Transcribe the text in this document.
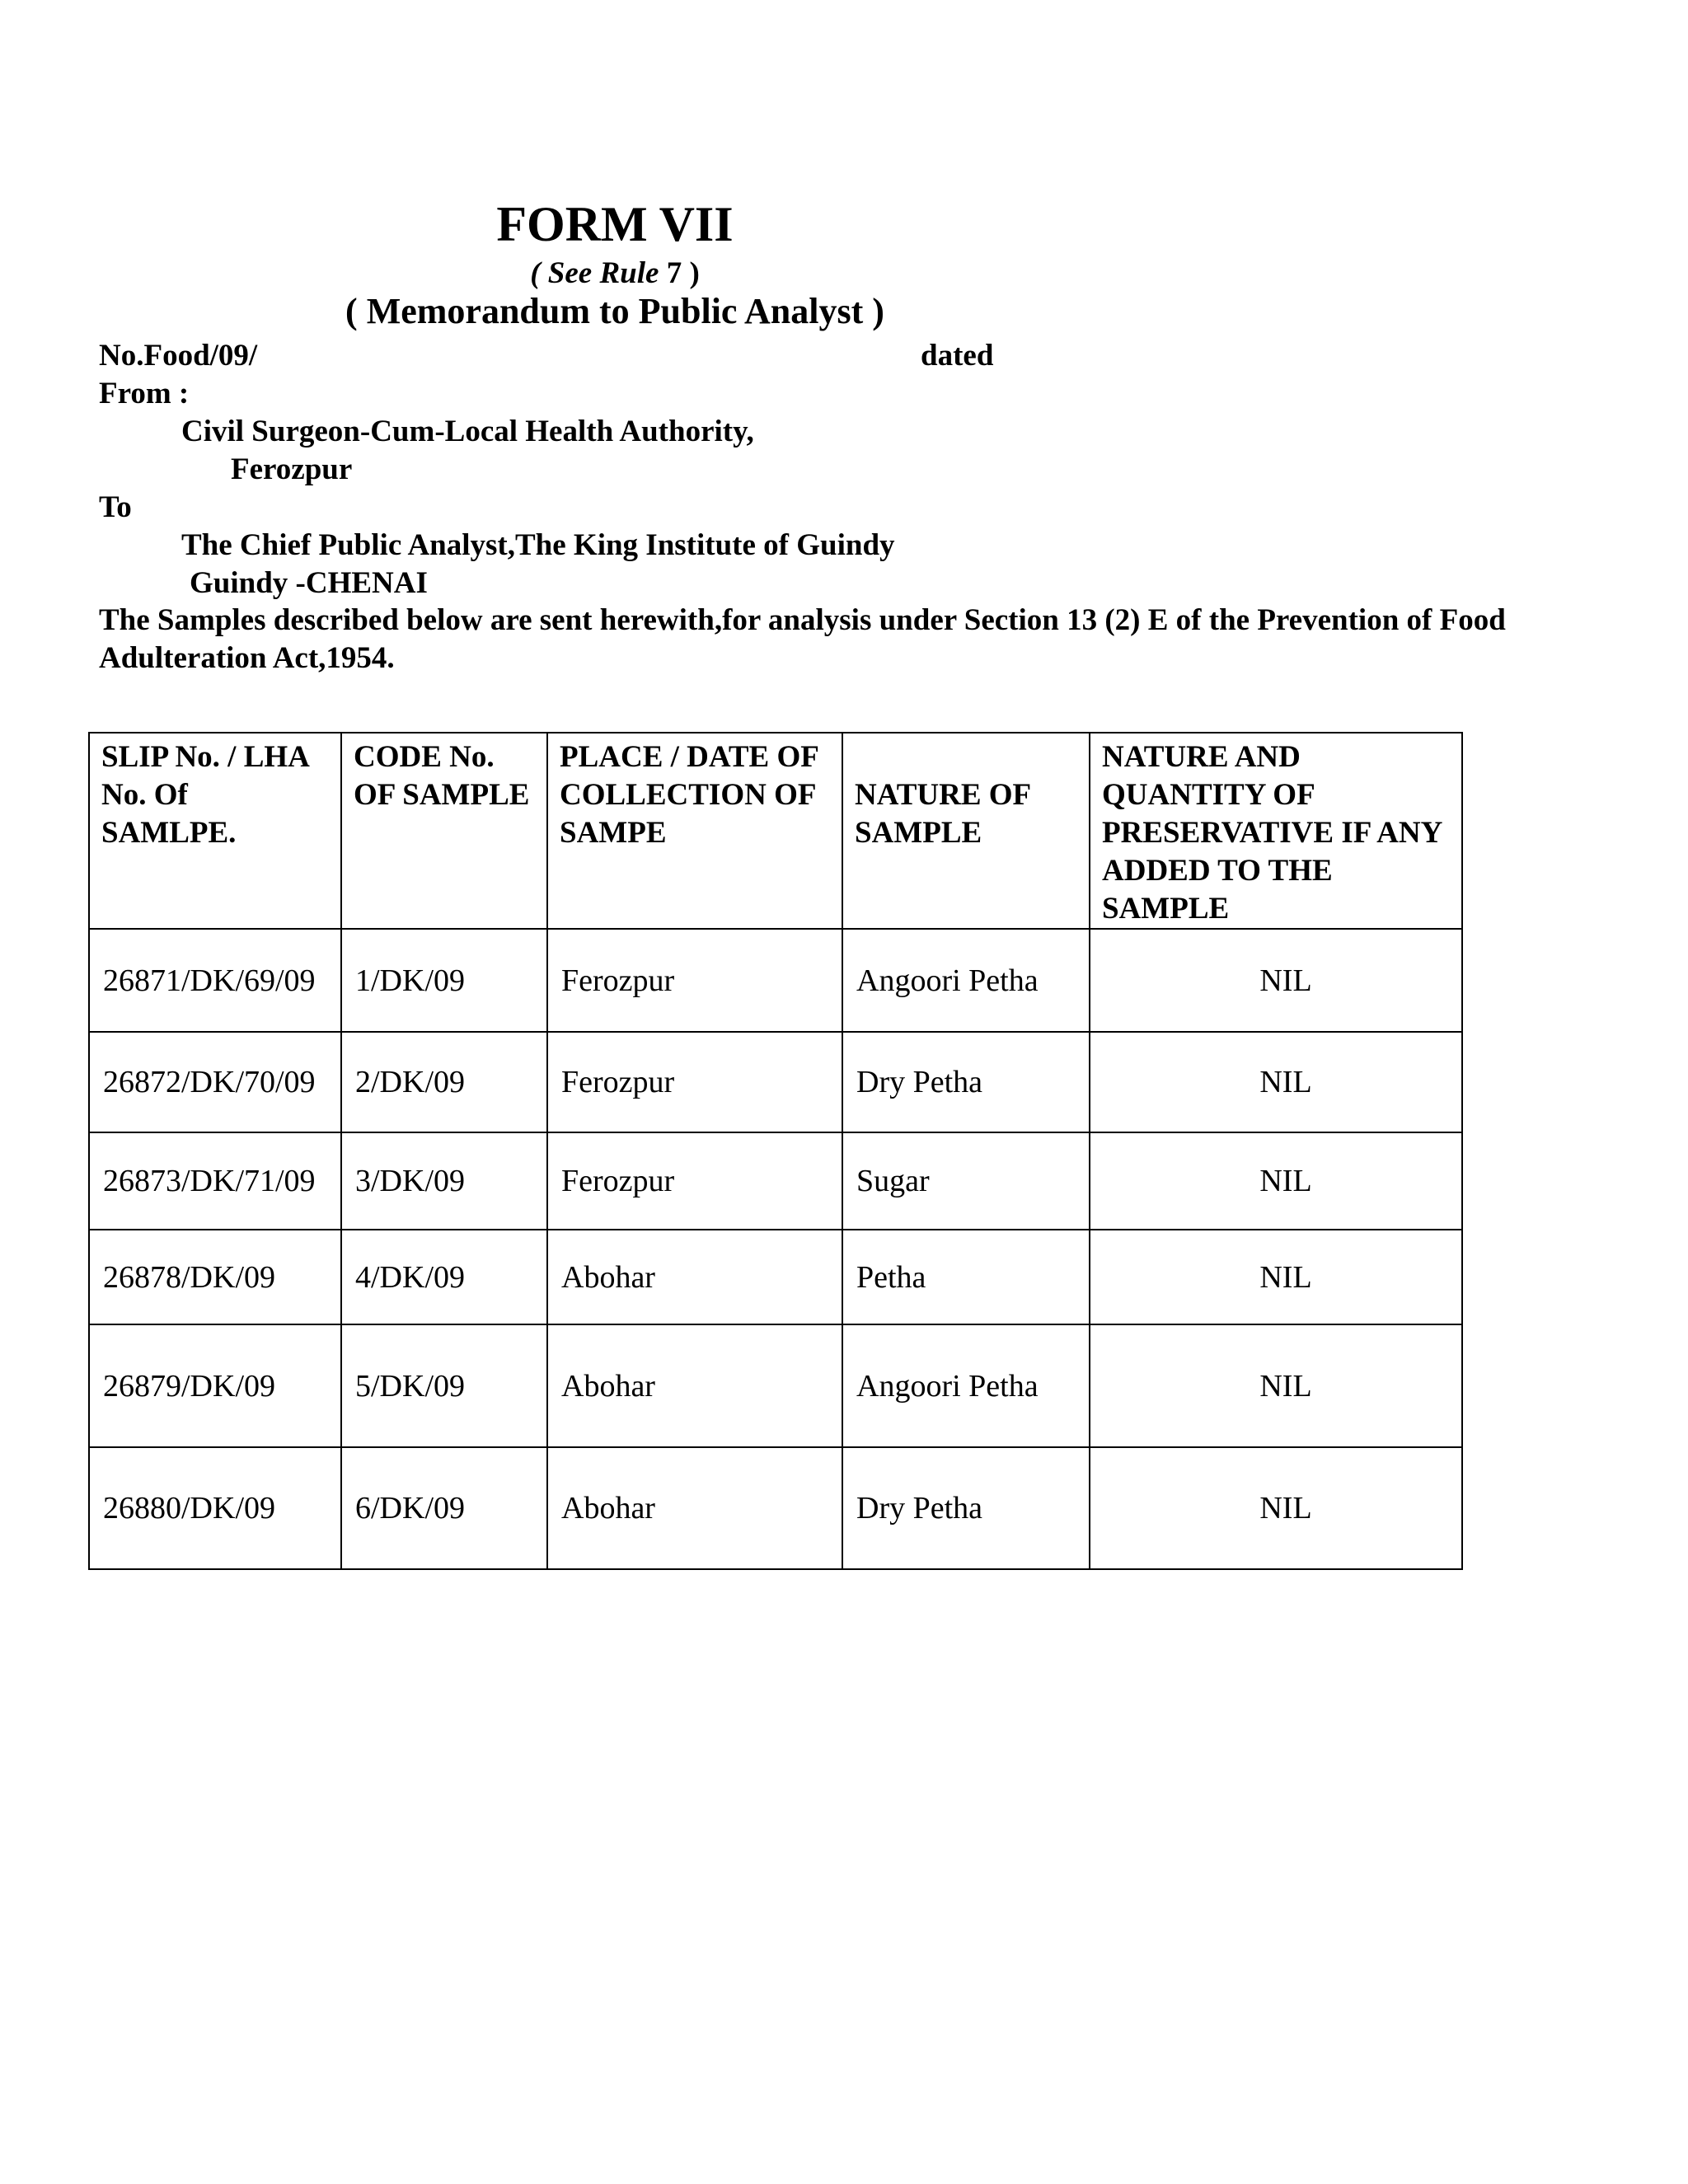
FORM VII
( See Rule 7 )
( Memorandum to Public Analyst )
No.Food/09/	dated
From :
Civil Surgeon-Cum-Local Health Authority,
Ferozpur
To
The Chief Public Analyst,The King Institute of Guindy
Guindy -CHENAI
The Samples described below are sent herewith,for analysis under Section 13 (2) E of the Prevention of Food Adulteration Act,1954.
SLIP No. / LHA No. Of SAMLPE.	CODE No. OF SAMPLE	PLACE / DATE OF COLLECTION OF SAMPE	NATURE OF SAMPLE	NATURE AND QUANTITY OF PRESERVATIVE IF ANY ADDED TO THE SAMPLE
26871/DK/69/09	1/DK/09	Ferozpur	Angoori Petha	NIL
26872/DK/70/09	2/DK/09	Ferozpur	Dry Petha	NIL
26873/DK/71/09	3/DK/09	Ferozpur	Sugar	NIL
26878/DK/09	4/DK/09	Abohar	Petha	NIL
26879/DK/09	5/DK/09	Abohar	Angoori Petha	NIL
26880/DK/09	6/DK/09	Abohar	Dry Petha	NIL
